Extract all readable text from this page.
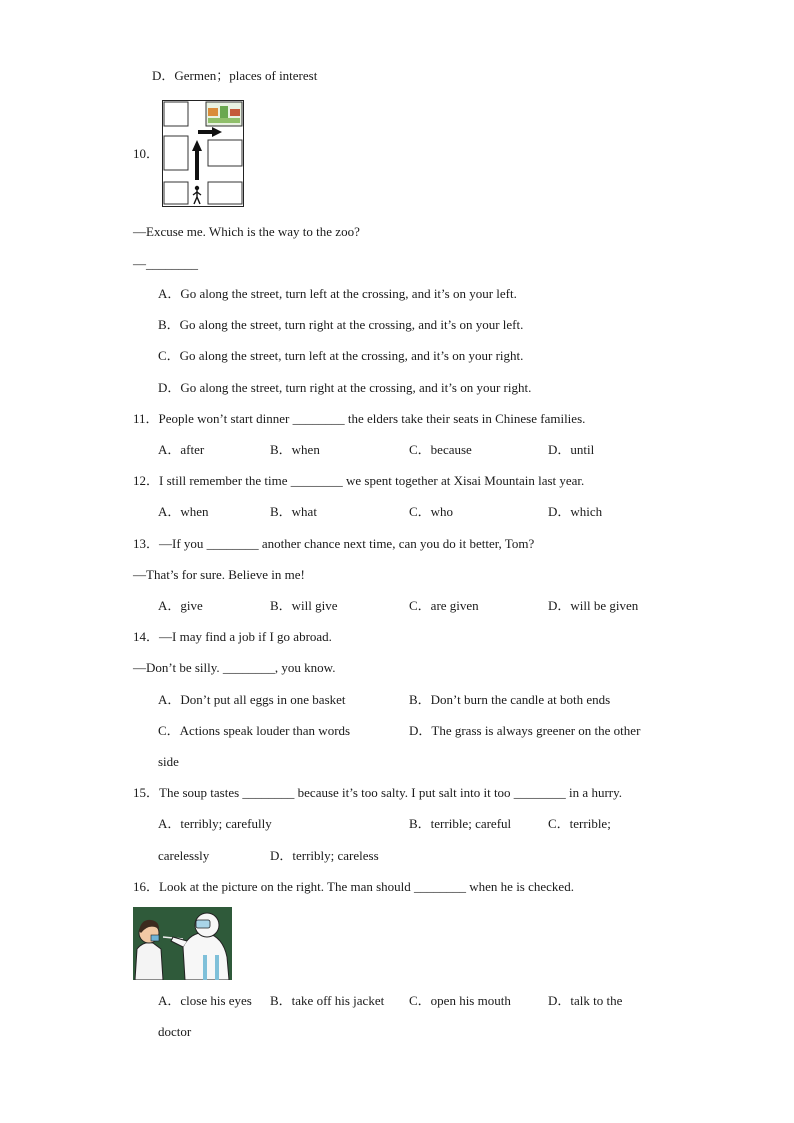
D．Germen；places of interest
10．
—Excuse me. Which is the way to the zoo?
—________
A．Go along the street, turn left at the crossing, and it’s on your left.
B．Go along the street, turn right at the crossing, and it’s on your left.
C．Go along the street, turn left at the crossing, and it’s on your right.
D．Go along the street, turn right at the crossing, and it’s on your right.
11．People won’t start dinner ________ the elders take their seats in Chinese families.
A．after	B．when	C．because	D．until
12．I still remember the time ________ we spent together at Xisai Mountain last year.
A．when	B．what	C．who	D．which
13．—If you ________ another chance next time, can you do it better, Tom?
—That’s for sure. Believe in me!
A．give	B．will give	C．are given	D．will be given
14．—I may find a job if I go abroad.
—Don’t be silly. ________, you know.
A．Don’t put all eggs in one basket	B．Don’t burn the candle at both ends
C．Actions speak louder than words	D．The grass is always greener on the other
side
15．The soup tastes ________ because it’s too salty. I put salt into it too ________ in a hurry.
A．terribly; carefully	B．terrible; careful	C．terrible;
carelessly	D．terribly; careless
16．Look at the picture on the right. The man should ________ when he is checked.
A．close his eyes B．take off his jacket C．open his mouth	D．talk to the
doctor
